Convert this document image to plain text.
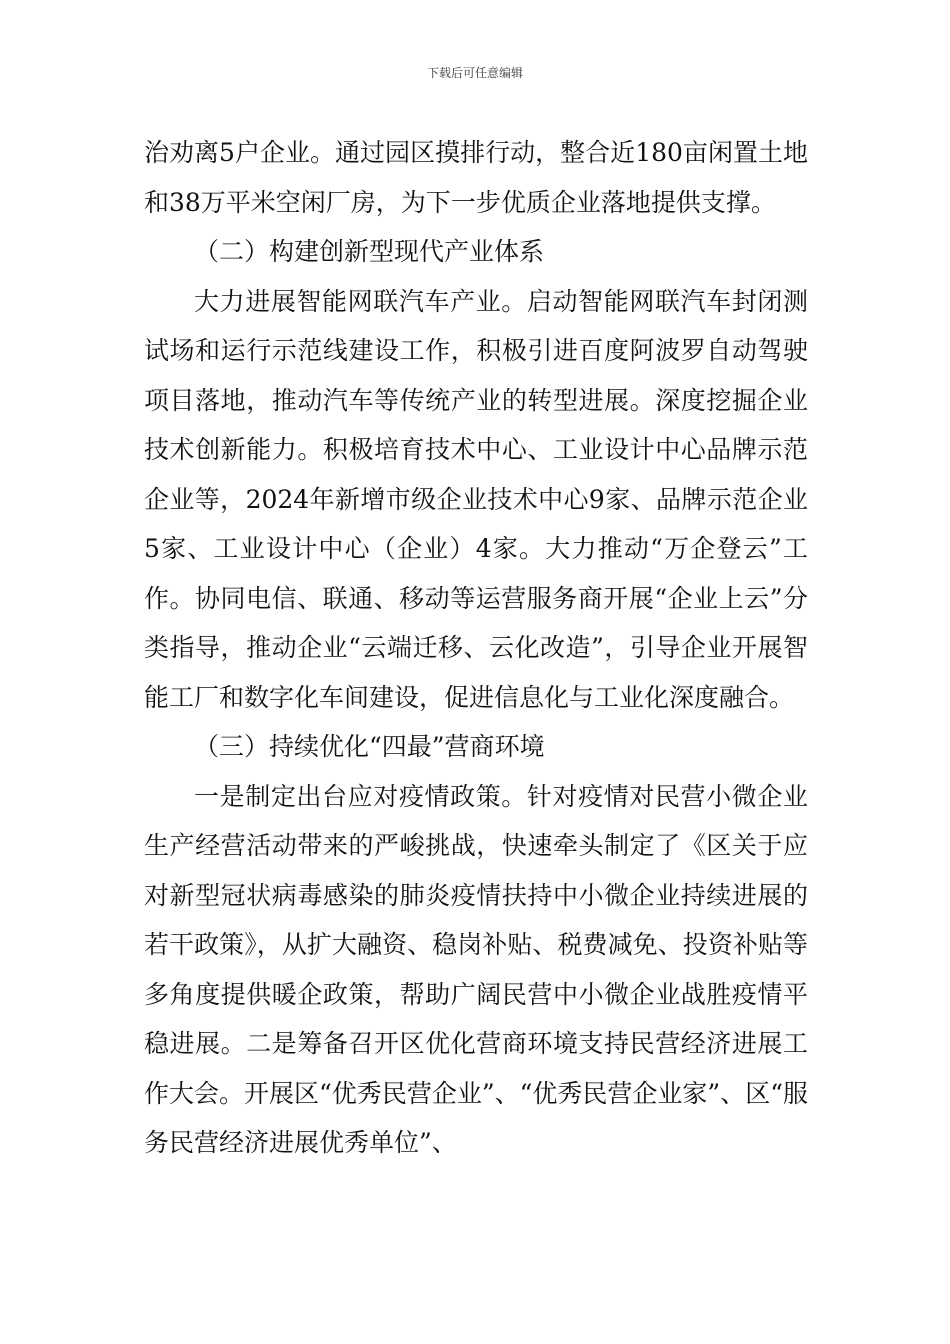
下载后可任意编辑

治劝离5户企业。通过园区摸排行动，整合近180亩闲置土地和38万平米空闲厂房，为下一步优质企业落地提供支撑。

（二）构建创新型现代产业体系

大力进展智能网联汽车产业。启动智能网联汽车封闭测试场和运行示范线建设工作，积极引进百度阿波罗自动驾驶项目落地，推动汽车等传统产业的转型进展。深度挖掘企业技术创新能力。积极培育技术中心、工业设计中心品牌示范企业等，2024年新增市级企业技术中心9家、品牌示范企业5家、工业设计中心（企业）4家。大力推动“万企登云”工作。协同电信、联通、移动等运营服务商开展“企业上云”分类指导，推动企业“云端迁移、云化改造”，引导企业开展智能工厂和数字化车间建设，促进信息化与工业化深度融合。

（三）持续优化“四最”营商环境

一是制定出台应对疫情政策。针对疫情对民营小微企业生产经营活动带来的严峻挑战，快速牵头制定了《区关于应对新型冠状病毒感染的肺炎疫情扶持中小微企业持续进展的若干政策》，从扩大融资、稳岗补贴、税费减免、投资补贴等多角度提供暖企政策，帮助广阔民营中小微企业战胜疫情平稳进展。二是筹备召开区优化营商环境支持民营经济进展工作大会。开展区“优秀民营企业”、“优秀民营企业家”、区“服务民营经济进展优秀单位”、
